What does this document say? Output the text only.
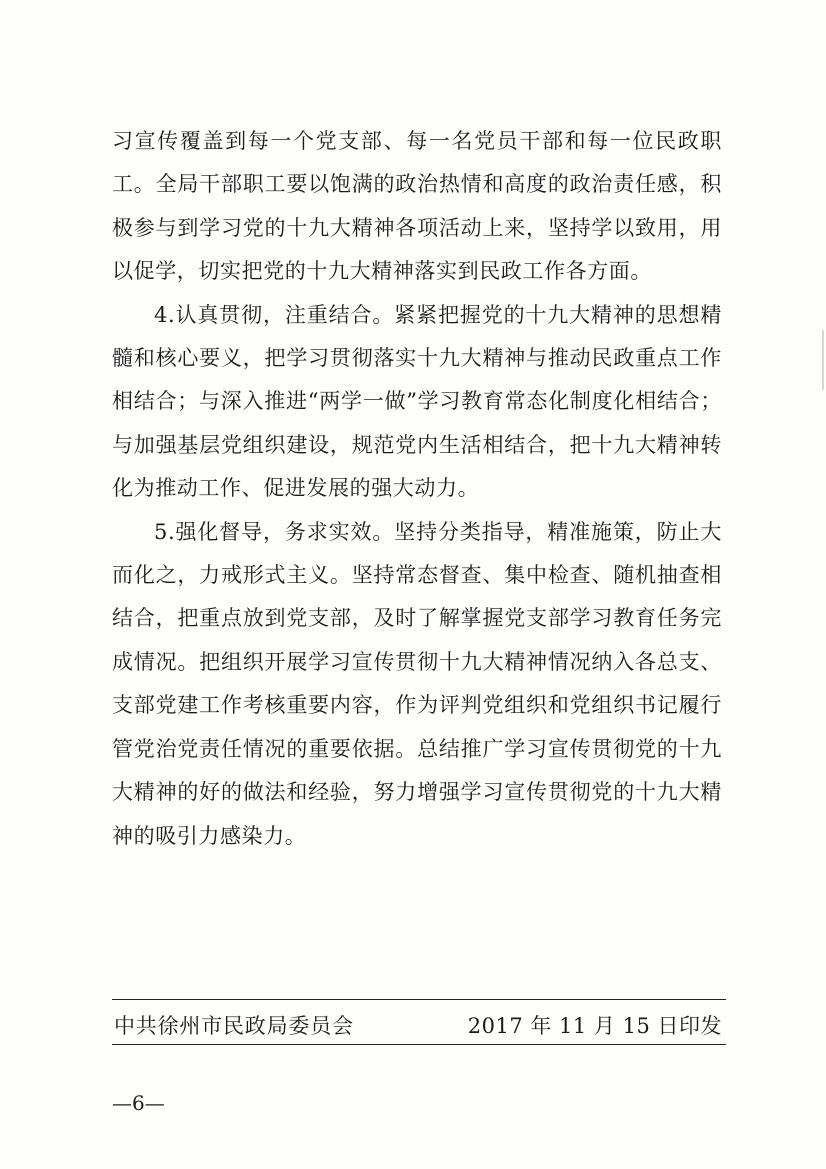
习宣传覆盖到每一个党支部、每一名党员干部和每一位民政职工。全局干部职工要以饱满的政治热情和高度的政治责任感，积极参与到学习党的十九大精神各项活动上来，坚持学以致用，用以促学，切实把党的十九大精神落实到民政工作各方面。

4.认真贯彻，注重结合。紧紧把握党的十九大精神的思想精髓和核心要义，把学习贯彻落实十九大精神与推动民政重点工作相结合；与深入推进“两学一做”学习教育常态化制度化相结合；与加强基层党组织建设，规范党内生活相结合，把十九大精神转化为推动工作、促进发展的强大动力。

5.强化督导，务求实效。坚持分类指导，精准施策，防止大而化之，力戒形式主义。坚持常态督查、集中检查、随机抽查相结合，把重点放到党支部，及时了解掌握党支部学习教育任务完成情况。把组织开展学习宣传贯彻十九大精神情况纳入各总支、支部党建工作考核重要内容，作为评判党组织和党组织书记履行管党治党责任情况的重要依据。总结推广学习宣传贯彻党的十九大精神的好的做法和经验，努力增强学习宣传贯彻党的十九大精神的吸引力感染力。

中共徐州市民政局委员会	2017 年 11 月 15 日印发
—6—
